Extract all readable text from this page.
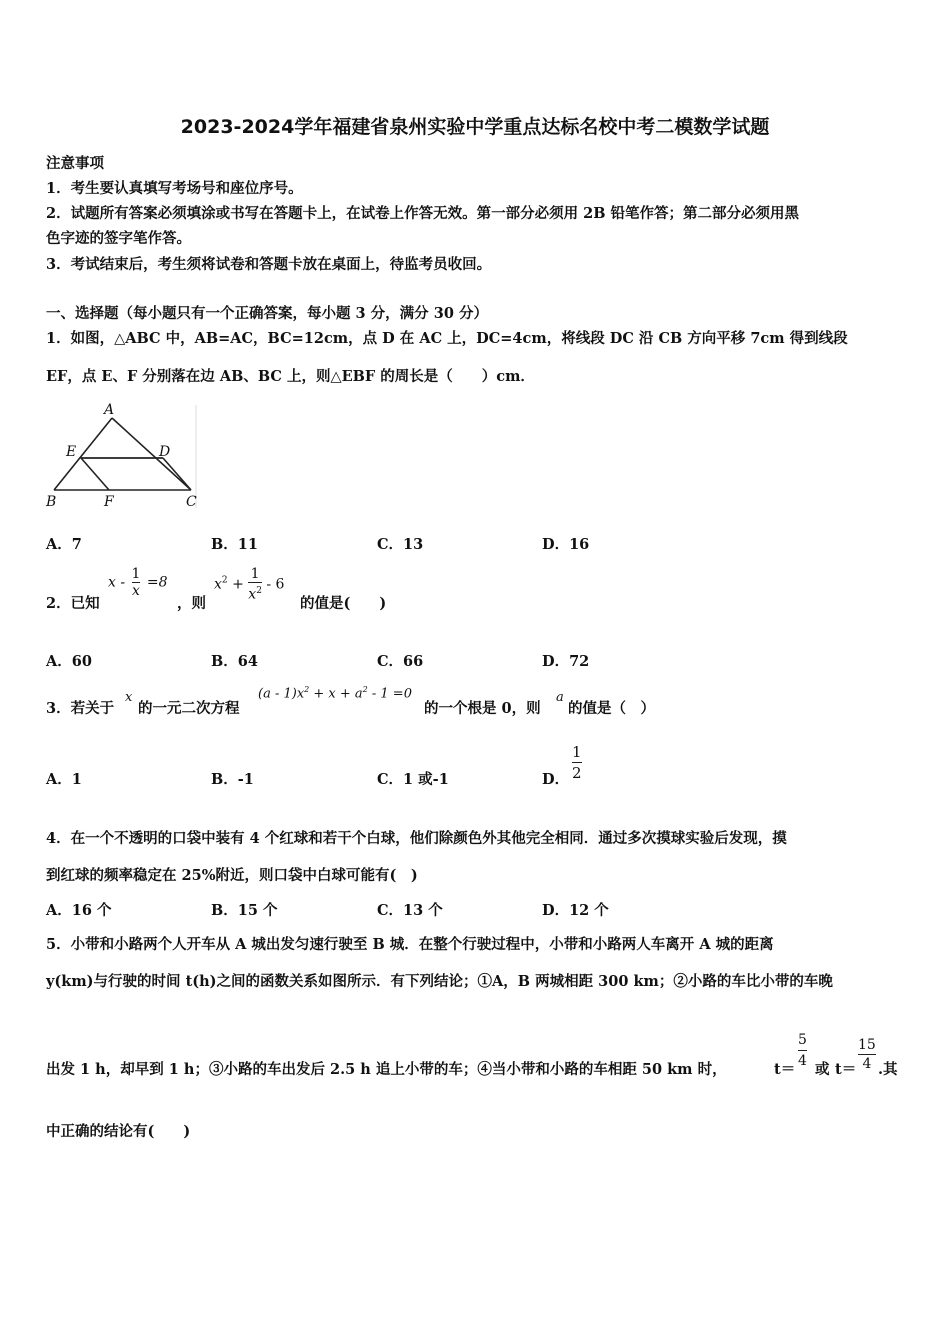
2023-2024学年福建省泉州实验中学重点达标名校中考二模数学试题
注意事项
1．考生要认真填写考场号和座位序号。
2．试题所有答案必须填涂或书写在答题卡上，在试卷上作答无效。第一部分必须用 2B 铅笔作答；第二部分必须用黑
色字迹的签字笔作答。
3．考试结束后，考生须将试卷和答题卡放在桌面上，待监考员收回。
一、选择题（每小题只有一个正确答案，每小题 3 分，满分 30 分）
1．如图，△ABC 中，AB=AC，BC=12cm，点 D 在 AC 上，DC=4cm，将线段 DC 沿 CB 方向平移 7cm 得到线段
EF，点 E、F 分别落在边 AB、BC 上，则△EBF 的周长是（　　）cm．
A
E	D
B	F	C
A．7	B．11	C．13	D．16
2．已知
$x - \frac{1}{x} =8$
，则
$x^2 + \frac{1}{x^2} - 6$
的值是(　　)
A．60	B．64	C．66	D．72
3．若关于
x
的一元二次方程
$(a - 1)x^2 + x + a^2 - 1 =0$
的一个根是 0，则
a
的值是（　）
A．1	B．-1	C．1 或-1	D． $\frac{1}{2}$
4．在一个不透明的口袋中装有 4 个红球和若干个白球，他们除颜色外其他完全相同．通过多次摸球实验后发现，摸
到红球的频率稳定在 25%附近，则口袋中白球可能有(　)
A．16 个	B．15 个	C．13 个	D．12 个
5．小带和小路两个人开车从 A 城出发匀速行驶至 B 城．在整个行驶过程中，小带和小路两人车离开 A 城的距离
y(km)与行驶的时间 t(h)之间的函数关系如图所示．有下列结论；①A，B 两城相距 300 km；②小路的车比小带的车晚
出发 1 h，却早到 1 h；③小路的车出发后 2.5 h 追上小带的车；④当小带和小路的车相距 50 km 时，	$t= \frac{5}{4}$ 或 $t= \frac{15}{4}$ .其
中正确的结论有(　　)
